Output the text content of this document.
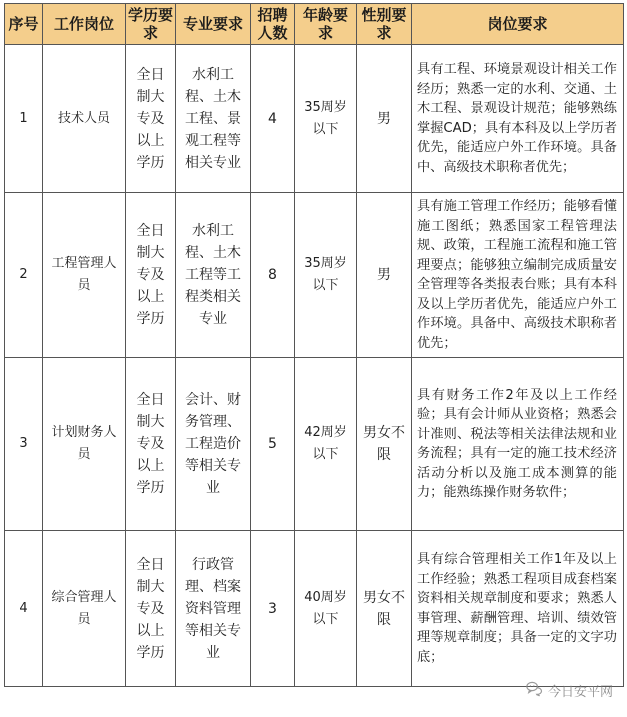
序号	工作岗位	学历要求	专业要求	招聘人数	年龄要求	性别要求	岗位要求

1	技术人员	全日制大专及以上学历	水利工程、土木工程、景观工程等相关专业	4	35周岁以下	男	具有工程、环境景观设计相关工作经历；熟悉一定的水利、交通、土木工程、景观设计规范；能够熟练掌握CAD；具有本科及以上学历者优先，能适应户外工作环境。具备中、高级技术职称者优先；

2	工程管理人员	全日制大专及以上学历	水利工程、土木工程等工程类相关专业	8	35周岁以下	男	具有施工管理工作经历；能够看懂施工图纸；熟悉国家工程管理法规、政策，工程施工流程和施工管理要点；能够独立编制完成质量安全管理等各类报表台账；具有本科及以上学历者优先，能适应户外工作环境。具备中、高级技术职称者优先；

3	计划财务人员	全日制大专及以上学历	会计、财务管理、工程造价等相关专业	5	42周岁以下	男女不限	具有财务工作2年及以上工作经验；具有会计师从业资格；熟悉会计准则、税法等相关法律法规和业务流程；具有一定的施工技术经济活动分析以及施工成本测算的能力；能熟练操作财务软件；

4	综合管理人员	全日制大专及以上学历	行政管理、档案资料管理等相关专业	3	40周岁以下	男女不限	具有综合管理相关工作1年及以上工作经验；熟悉工程项目成套档案资料相关规章制度和要求；熟悉人事管理、薪酬管理、培训、绩效管理等规章制度；具备一定的文字功底；
今日安平网
